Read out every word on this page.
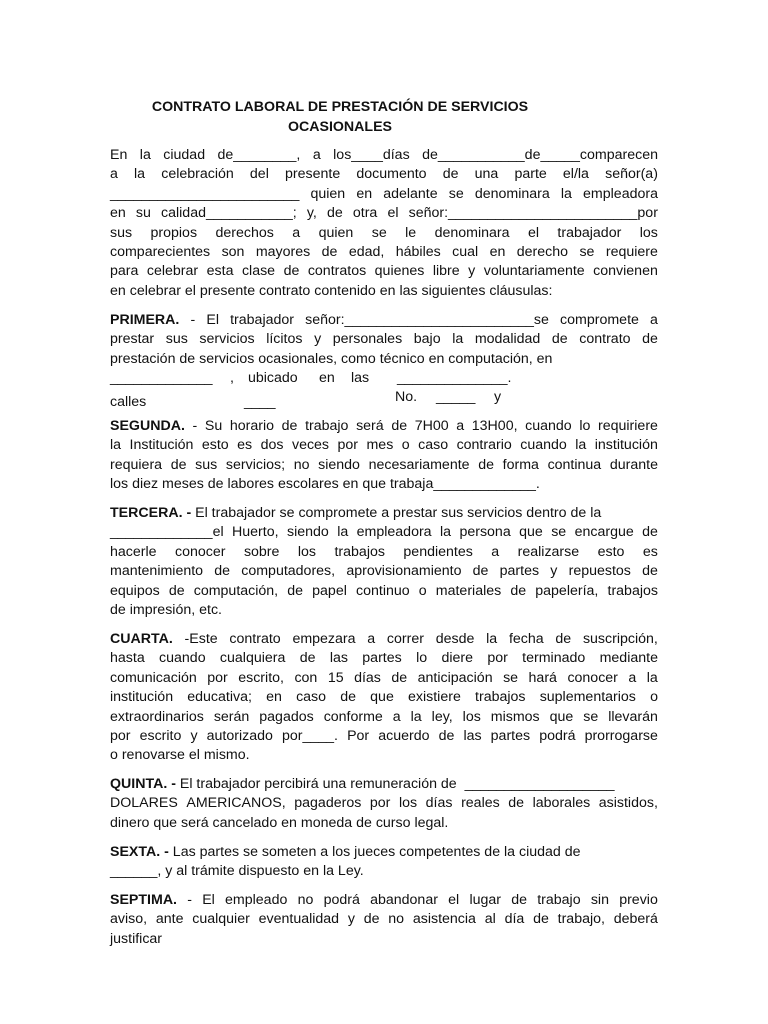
CONTRATO LABORAL DE PRESTACIÓN DE SERVICIOS
OCASIONALES
En la ciudad de________, a los____días de___________de_____comparecen
a la celebración del presente documento de una parte el/la señor(a)
________________________ quien en adelante se denominara la empleadora
en su calidad___________; y, de otra el señor:________________________por
sus propios derechos a quien se le denominara el trabajador los
comparecientes son mayores de edad, hábiles cual en derecho se requiere
para celebrar esta clase de contratos quienes libre y voluntariamente convienen
en celebrar el presente contrato contenido en las siguientes cláusulas:
PRIMERA. - El trabajador señor:________________________se compromete a
prestar sus servicios lícitos y personales bajo la modalidad de contrato de
prestación de servicios ocasionales, como técnico en computación, en
_____________ , ubicado en las ______________.
calles	____	No. _____ y
SEGUNDA. - Su horario de trabajo será de 7H00 a 13H00, cuando lo requiriere
la Institución esto es dos veces por mes o caso contrario cuando la institución
requiera de sus servicios; no siendo necesariamente de forma continua durante
los diez meses de labores escolares en que trabaja_____________.
TERCERA. - El trabajador se compromete a prestar sus servicios dentro de la
_____________el Huerto, siendo la empleadora la persona que se encargue de
hacerle conocer sobre los trabajos pendientes a realizarse esto es
mantenimiento de computadores, aprovisionamiento de partes y repuestos de
equipos de computación, de papel continuo o materiales de papelería, trabajos
de impresión, etc.
CUARTA. -Este contrato empezara a correr desde la fecha de suscripción,
hasta cuando cualquiera de las partes lo diere por terminado mediante
comunicación por escrito, con 15 días de anticipación se hará conocer a la
institución educativa; en caso de que existiere trabajos suplementarios o
extraordinarios serán pagados conforme a la ley, los mismos que se llevarán
por escrito y autorizado por____. Por acuerdo de las partes podrá prorrogarse
o renovarse el mismo.
QUINTA. - El trabajador percibirá una remuneración de  ___________________
DOLARES AMERICANOS, pagaderos por los días reales de laborales asistidos,
dinero que será cancelado en moneda de curso legal.
SEXTA. - Las partes se someten a los jueces competentes de la ciudad de
______, y al trámite dispuesto en la Ley.
SEPTIMA. - El empleado no podrá abandonar el lugar de trabajo sin previo
aviso, ante cualquier eventualidad y de no asistencia al día de trabajo, deberá
justificar
